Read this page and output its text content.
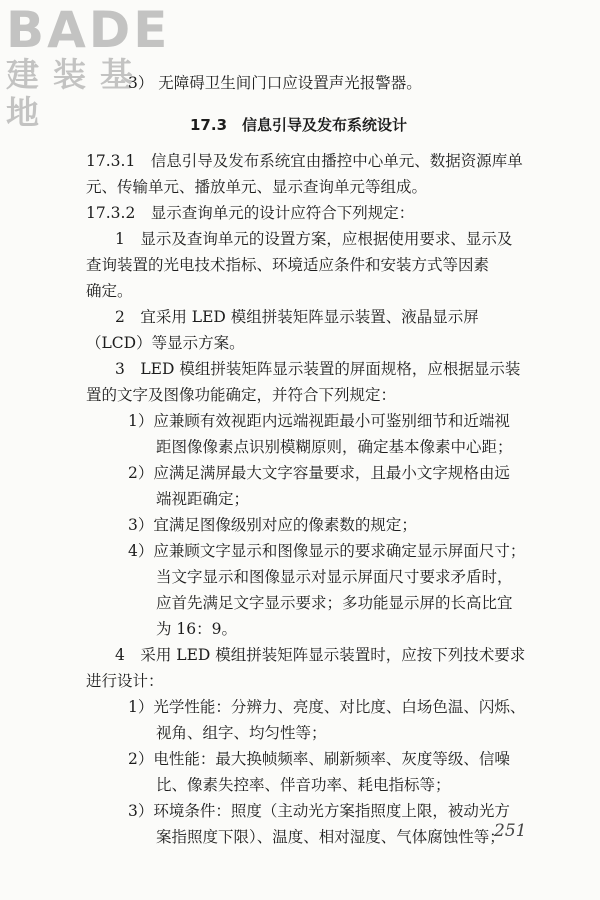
BADE
建装基地
3） 无障碍卫生间门口应设置声光报警器。
17.3　信息引导及发布系统设计
17.3.1　信息引导及发布系统宜由播控中心单元、数据资源库单
元、传输单元、播放单元、显示查询单元等组成。
17.3.2　显示查询单元的设计应符合下列规定：
1　显示及查询单元的设置方案，应根据使用要求、显示及
查询装置的光电技术指标、环境适应条件和安装方式等因素
确定。
2　宜采用 LED 模组拼装矩阵显示装置、液晶显示屏
（LCD）等显示方案。
3　LED 模组拼装矩阵显示装置的屏面规格，应根据显示装
置的文字及图像功能确定，并符合下列规定：
1）应兼顾有效视距内远端视距最小可鉴别细节和近端视
距图像像素点识别模糊原则，确定基本像素中心距；
2）应满足满屏最大文字容量要求，且最小文字规格由远
端视距确定；
3）宜满足图像级别对应的像素数的规定；
4）应兼顾文字显示和图像显示的要求确定显示屏面尺寸；
当文字显示和图像显示对显示屏面尺寸要求矛盾时，
应首先满足文字显示要求；多功能显示屏的长高比宜
为 16：9。
4　采用 LED 模组拼装矩阵显示装置时，应按下列技术要求
进行设计：
1）光学性能：分辨力、亮度、对比度、白场色温、闪烁、
视角、组字、均匀性等；
2）电性能：最大换帧频率、刷新频率、灰度等级、信噪
比、像素失控率、伴音功率、耗电指标等；
3）环境条件：照度（主动光方案指照度上限，被动光方
案指照度下限）、温度、相对湿度、气体腐蚀性等；
251
